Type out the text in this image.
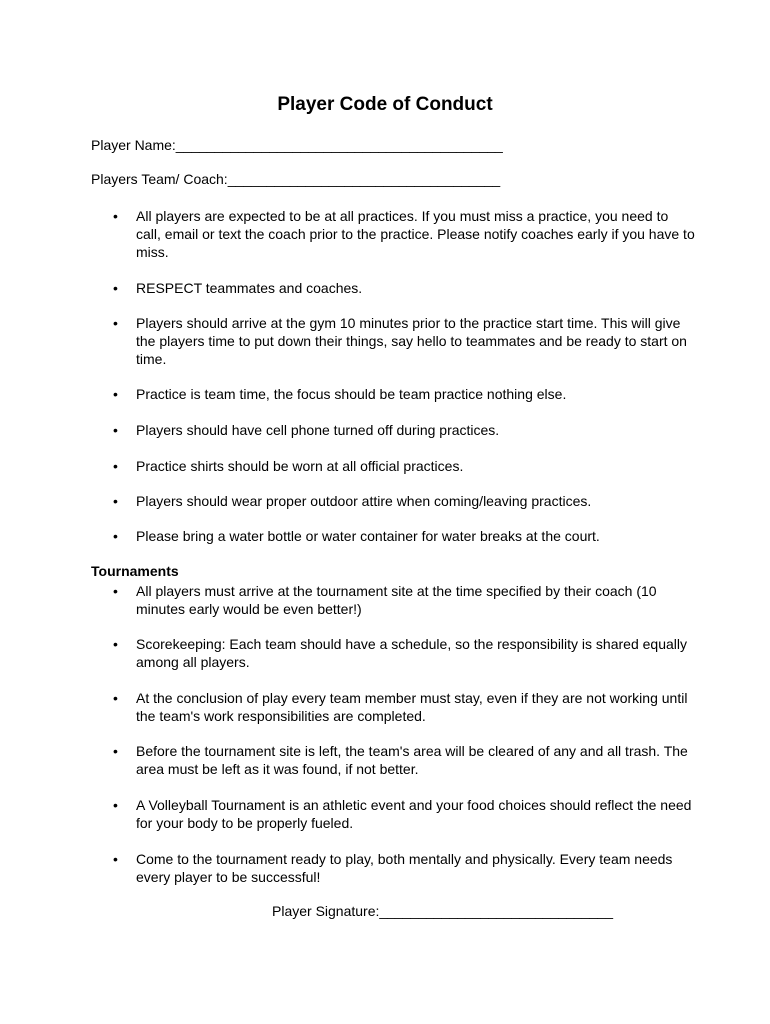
Player Code of Conduct
Player Name:__________________________________________
Players Team/ Coach:___________________________________
• All players are expected to be at all practices. If you must miss a practice, you need to call, email or text the coach prior to the practice. Please notify coaches early if you have to miss.
• RESPECT teammates and coaches.
• Players should arrive at the gym 10 minutes prior to the practice start time. This will give the players time to put down their things, say hello to teammates and be ready to start on time.
• Practice is team time, the focus should be team practice nothing else.
• Players should have cell phone turned off during practices.
• Practice shirts should be worn at all official practices.
• Players should wear proper outdoor attire when coming/leaving practices.
• Please bring a water bottle or water container for water breaks at the court.
Tournaments
• All players must arrive at the tournament site at the time specified by their coach (10 minutes early would be even better!)
• Scorekeeping: Each team should have a schedule, so the responsibility is shared equally among all players.
• At the conclusion of play every team member must stay, even if they are not working until the team's work responsibilities are completed.
• Before the tournament site is left, the team's area will be cleared of any and all trash. The area must be left as it was found, if not better.
• A Volleyball Tournament is an athletic event and your food choices should reflect the need for your body to be properly fueled.
• Come to the tournament ready to play, both mentally and physically. Every team needs every player to be successful!
Player Signature:______________________________
